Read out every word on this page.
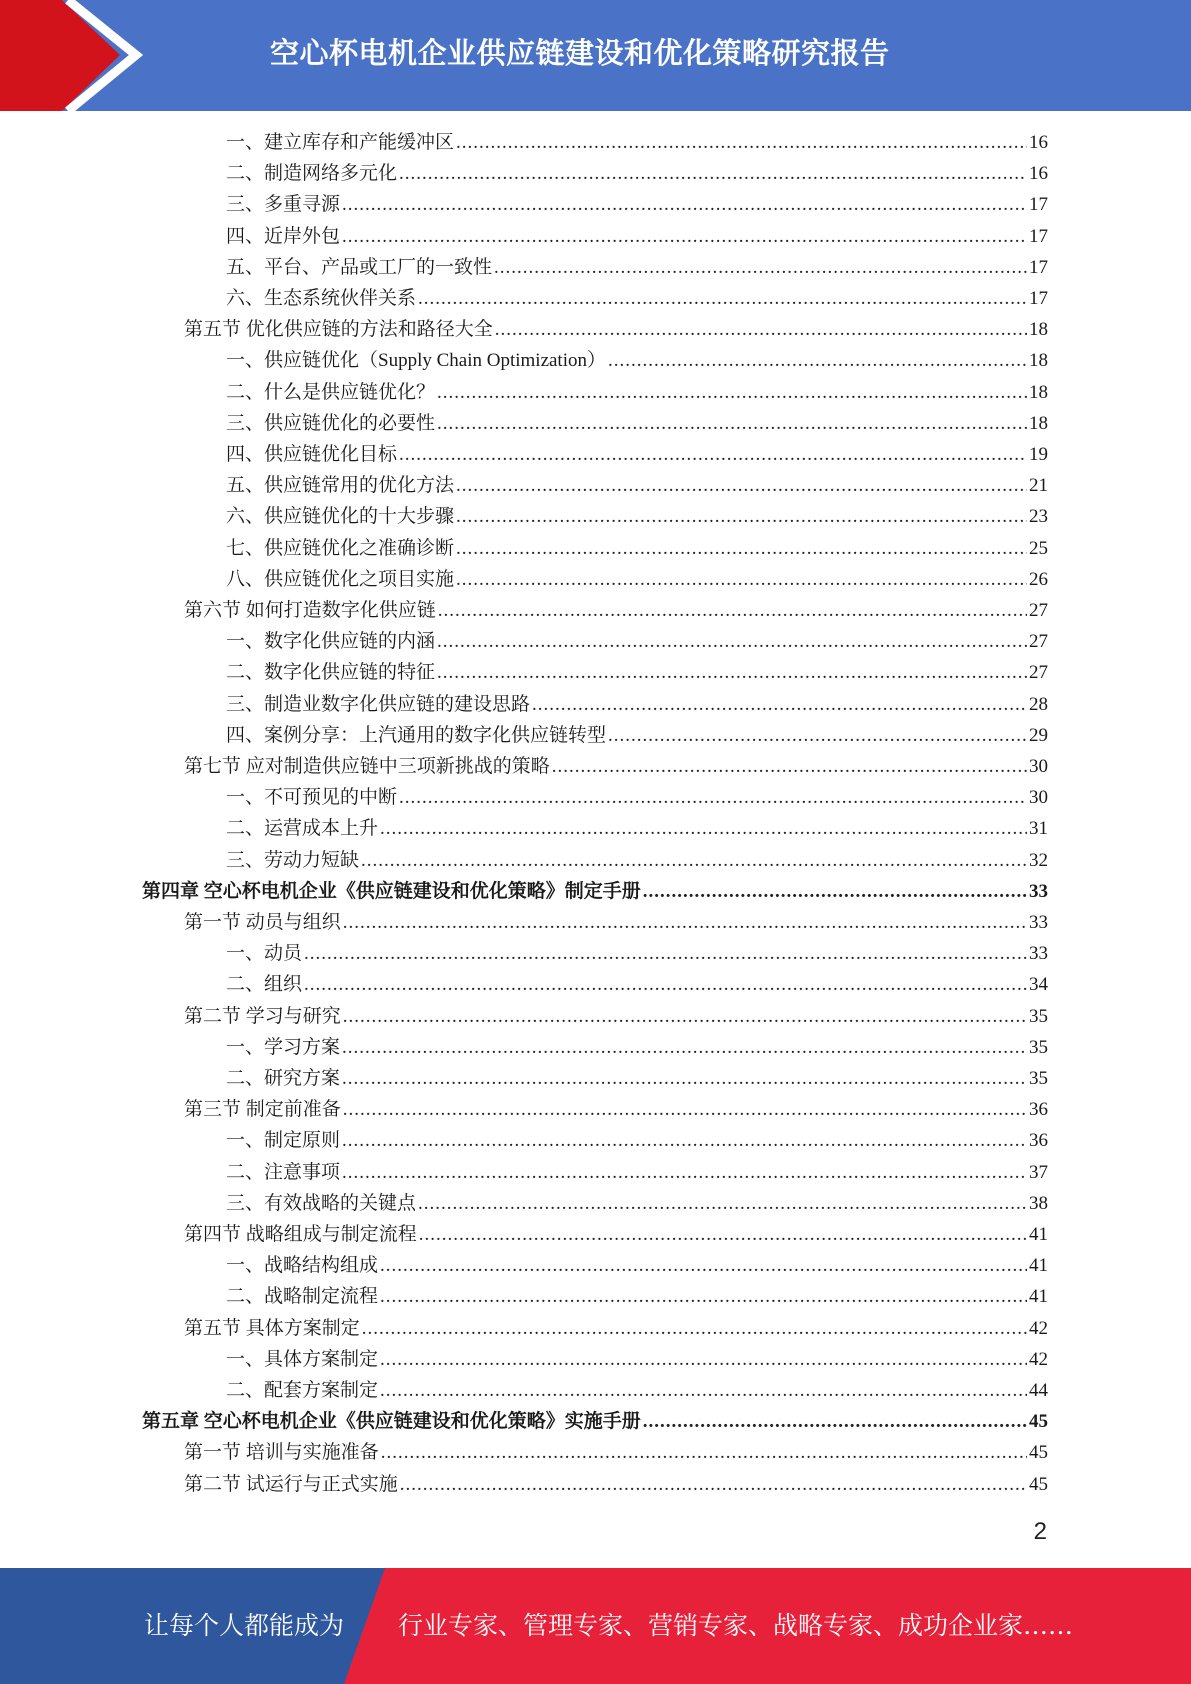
空心杯电机企业供应链建设和优化策略研究报告
一、建立库存和产能缓冲区 .....	16
二、制造网络多元化 .....	16
三、多重寻源 .....	17
四、近岸外包 .....	17
五、平台、产品或工厂的一致性 .....	17
六、生态系统伙伴关系 .....	17
第五节 优化供应链的方法和路径大全 .....	18
一、供应链优化（Supply Chain Optimization） .....	18
二、什么是供应链优化？ .....	18
三、供应链优化的必要性 .....	18
四、供应链优化目标 .....	19
五、供应链常用的优化方法 .....	21
六、供应链优化的十大步骤 .....	23
七、供应链优化之准确诊断 .....	25
八、供应链优化之项目实施 .....	26
第六节 如何打造数字化供应链 .....	27
一、数字化供应链的内涵 .....	27
二、数字化供应链的特征 .....	27
三、制造业数字化供应链的建设思路 .....	28
四、案例分享：上汽通用的数字化供应链转型 .....	29
第七节 应对制造供应链中三项新挑战的策略 .....	30
一、不可预见的中断 .....	30
二、运营成本上升 .....	31
三、劳动力短缺 .....	32
第四章 空心杯电机企业《供应链建设和优化策略》制定手册 .....	33
第一节 动员与组织 .....	33
一、动员 .....	33
二、组织 .....	34
第二节 学习与研究 .....	35
一、学习方案 .....	35
二、研究方案 .....	35
第三节 制定前准备 .....	36
一、制定原则 .....	36
二、注意事项 .....	37
三、有效战略的关键点 .....	38
第四节 战略组成与制定流程 .....	41
一、战略结构组成 .....	41
二、战略制定流程 .....	41
第五节 具体方案制定 .....	42
一、具体方案制定 .....	42
二、配套方案制定 .....	44
第五章 空心杯电机企业《供应链建设和优化策略》实施手册 .....	45
第一节 培训与实施准备 .....	45
第二节 试运行与正式实施 .....	45
2
让每个人都能成为 行业专家、管理专家、营销专家、战略专家、成功企业家……
